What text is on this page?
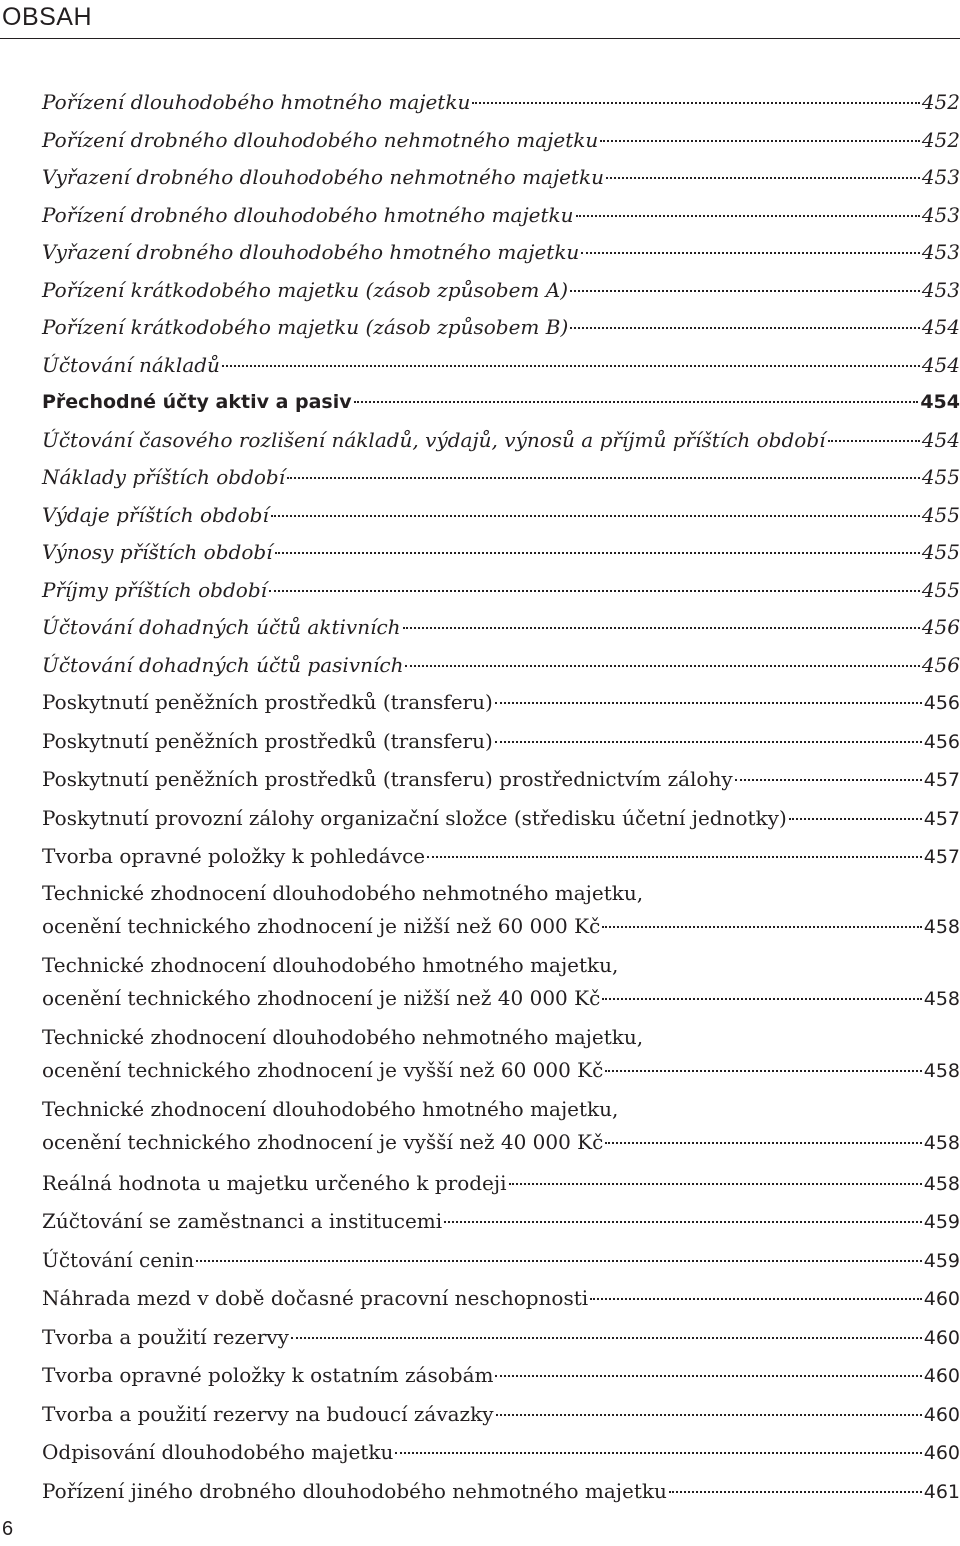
OBSAH
Pořízení dlouhodobého hmotného majetku	452
Pořízení drobného dlouhodobého nehmotného majetku	452
Vyřazení drobného dlouhodobého nehmotného majetku	453
Pořízení drobného dlouhodobého hmotného majetku	453
Vyřazení drobného dlouhodobého hmotného majetku	453
Pořízení krátkodobého majetku (zásob způsobem A)	453
Pořízení krátkodobého majetku (zásob způsobem B)	454
Účtování nákladů	454
Přechodné účty aktiv a pasiv	454
Účtování časového rozlišení nákladů, výdajů, výnosů a příjmů příštích období	454
Náklady příštích období	455
Výdaje příštích období	455
Výnosy příštích období	455
Příjmy příštích období	455
Účtování dohadných účtů aktivních	456
Účtování dohadných účtů pasivních	456
Poskytnutí peněžních prostředků (transferu)	456
Poskytnutí peněžních prostředků (transferu)	456
Poskytnutí peněžních prostředků (transferu) prostřednictvím zálohy	457
Poskytnutí provozní zálohy organizační složce (středisku účetní jednotky)	457
Tvorba opravné položky k pohledávce	457
Technické zhodnocení dlouhodobého nehmotného majetku,
ocenění technického zhodnocení je nižší než 60 000 Kč	458
Technické zhodnocení dlouhodobého hmotného majetku,
ocenění technického zhodnocení je nižší než 40 000 Kč	458
Technické zhodnocení dlouhodobého nehmotného majetku,
ocenění technického zhodnocení je vyšší než 60 000 Kč	458
Technické zhodnocení dlouhodobého hmotného majetku,
ocenění technického zhodnocení je vyšší než 40 000 Kč	458
Reálná hodnota u majetku určeného k prodeji	458
Zúčtování se zaměstnanci a institucemi	459
Účtování cenin	459
Náhrada mezd v době dočasné pracovní neschopnosti	460
Tvorba a použití rezervy	460
Tvorba opravné položky k ostatním zásobám	460
Tvorba a použití rezervy na budoucí závazky	460
Odpisování dlouhodobého majetku	460
Pořízení jiného drobného dlouhodobého nehmotného majetku	461
6
